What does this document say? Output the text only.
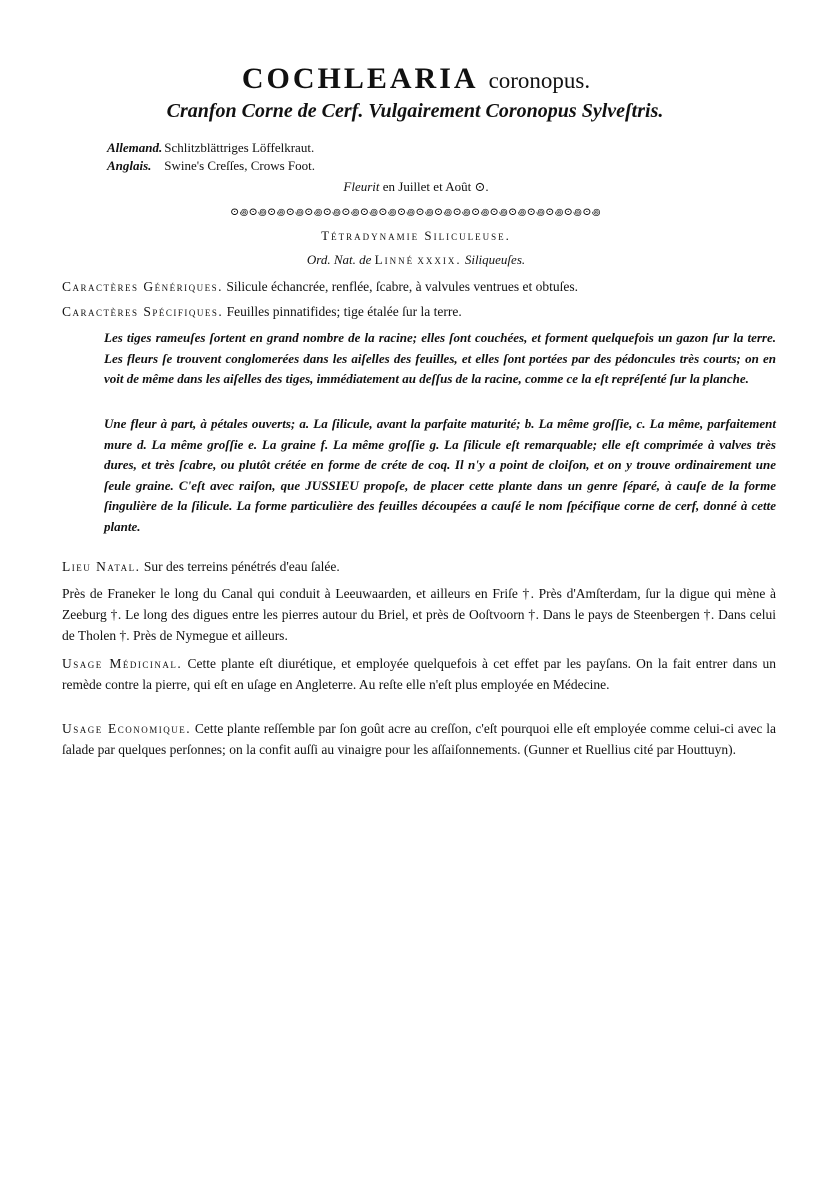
COCHLEARIA coronopus.
Cranfon Corne de Cerf. Vulgairement Coronopus Sylveſtris.
Allemand. Schlitzblättriges Löffelkraut.
Anglais. Swine's Creſſes, Crows Foot.
Fleurit en Juillet et Août ⊙.
ⵙ꩜ⵙ꩜ⵙ꩜ⵙ꩜ⵙ꩜ⵙ꩜ⵙ꩜ⵙ꩜ⵙ꩜ⵙ꩜ⵙ꩜ⵙ꩜ⵙ꩜ⵙ꩜ⵙ꩜ⵙ꩜ⵙ꩜ⵙ꩜ⵙ꩜ⵙ꩜
Tétradynamie Siliculeuse.
Ord. Nat. de Linné xxxix. Siliqueuſes.
Caractères Génériques. Silicule échancrée, renflée, ſcabre, à valvules ventrues et obtuſes.
Caractères Spécifiques. Feuilles pinnatifides; tige étalée ſur la terre.
Les tiges rameuſes ſortent en grand nombre de la racine; elles ſont couchées, et forment quelquefois un gazon ſur la terre. Les fleurs ſe trouvent conglomerées dans les aiſelles des feuilles, et elles ſont portées par des pédoncules très courts; on en voit de même dans les aiſelles des tiges, immédiatement au deſſus de la racine, comme ce la eſt repréſenté ſur la planche.
Une fleur à part, à pétales ouverts; a. La ſilicule, avant la parfaite maturité; b. La même groſſie, c. La même, parfaitement mure d. La même groſſie e. La graine f. La même groſſie g. La ſilicule eſt remarquable; elle eſt comprimée à valves très dures, et très ſcabre, ou plutôt crétée en forme de créte de coq. Il n'y a point de cloiſon, et on y trouve ordinairement une ſeule graine. C'eſt avec raiſon, que JUSSIEU propoſe, de placer cette plante dans un genre ſéparé, à cauſe de la forme ſingulière de la ſilicule. La forme particulière des feuilles découpées a cauſé le nom ſpécifique corne de cerf, donné à cette plante.
Lieu Natal. Sur des terreins pénétrés d'eau ſalée.
Près de Franeker le long du Canal qui conduit à Leeuwaarden, et ailleurs en Friſe †. Près d'Amſterdam, ſur la digue qui mène à Zeeburg †. Le long des digues entre les pierres autour du Briel, et près de Ooſtvoorn †. Dans le pays de Steenbergen †. Dans celui de Tholen †. Près de Nymegue et ailleurs.
Usage Médicinal. Cette plante eſt diurétique, et employée quelquefois à cet effet par les payſans. On la fait entrer dans un remède contre la pierre, qui eſt en uſage en Angleterre. Au reſte elle n'eſt plus employée en Médecine.
Usage Economique. Cette plante reſſemble par ſon goût acre au creſſon, c'eſt pourquoi elle eſt employée comme celui-ci avec la ſalade par quelques perſonnes; on la confit auſſi au vinaigre pour les aſſaiſonnements. (Gunner et Ruellius cité par Houttuyn).
